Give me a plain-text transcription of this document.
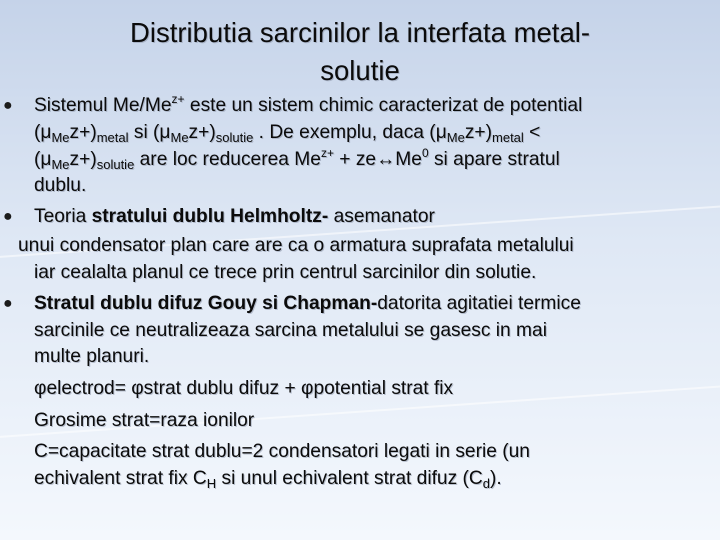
Distributia sarcinilor la interfata metal-
solutie
● Sistemul $Me/Me^{z+}$ este un sistem chimic caracterizat de potential
$(\mu_{Me}z+)_{metal}$ si $(\mu_{Me}z+)_{solutie}$ . De exemplu, daca $(\mu_{Me}z+)_{metal}$ <
$(\mu_{Me}z+)_{solutie}$ are loc reducerea $Me^{z+}$ + $ze\leftrightarrow Me^0$ si apare stratul
dublu.
● Teoria stratului dublu Helmholtz- asemanator
unui condensator plan care are ca o armatura suprafata metalului
iar cealalta planul ce trece prin centrul sarcinilor din solutie.
● Stratul dublu difuz Gouy si Chapman-datorita agitatiei termice
sarcinile ce neutralizeaza sarcina metalului se gasesc in mai
multe planuri.
φelectrod= φstrat dublu difuz + φpotential strat fix
Grosime strat=raza ionilor
C=capacitate strat dublu=2 condensatori legati in serie (un
echivalent strat fix $C_H$ si unul echivalent strat difuz $(C_d)$.
